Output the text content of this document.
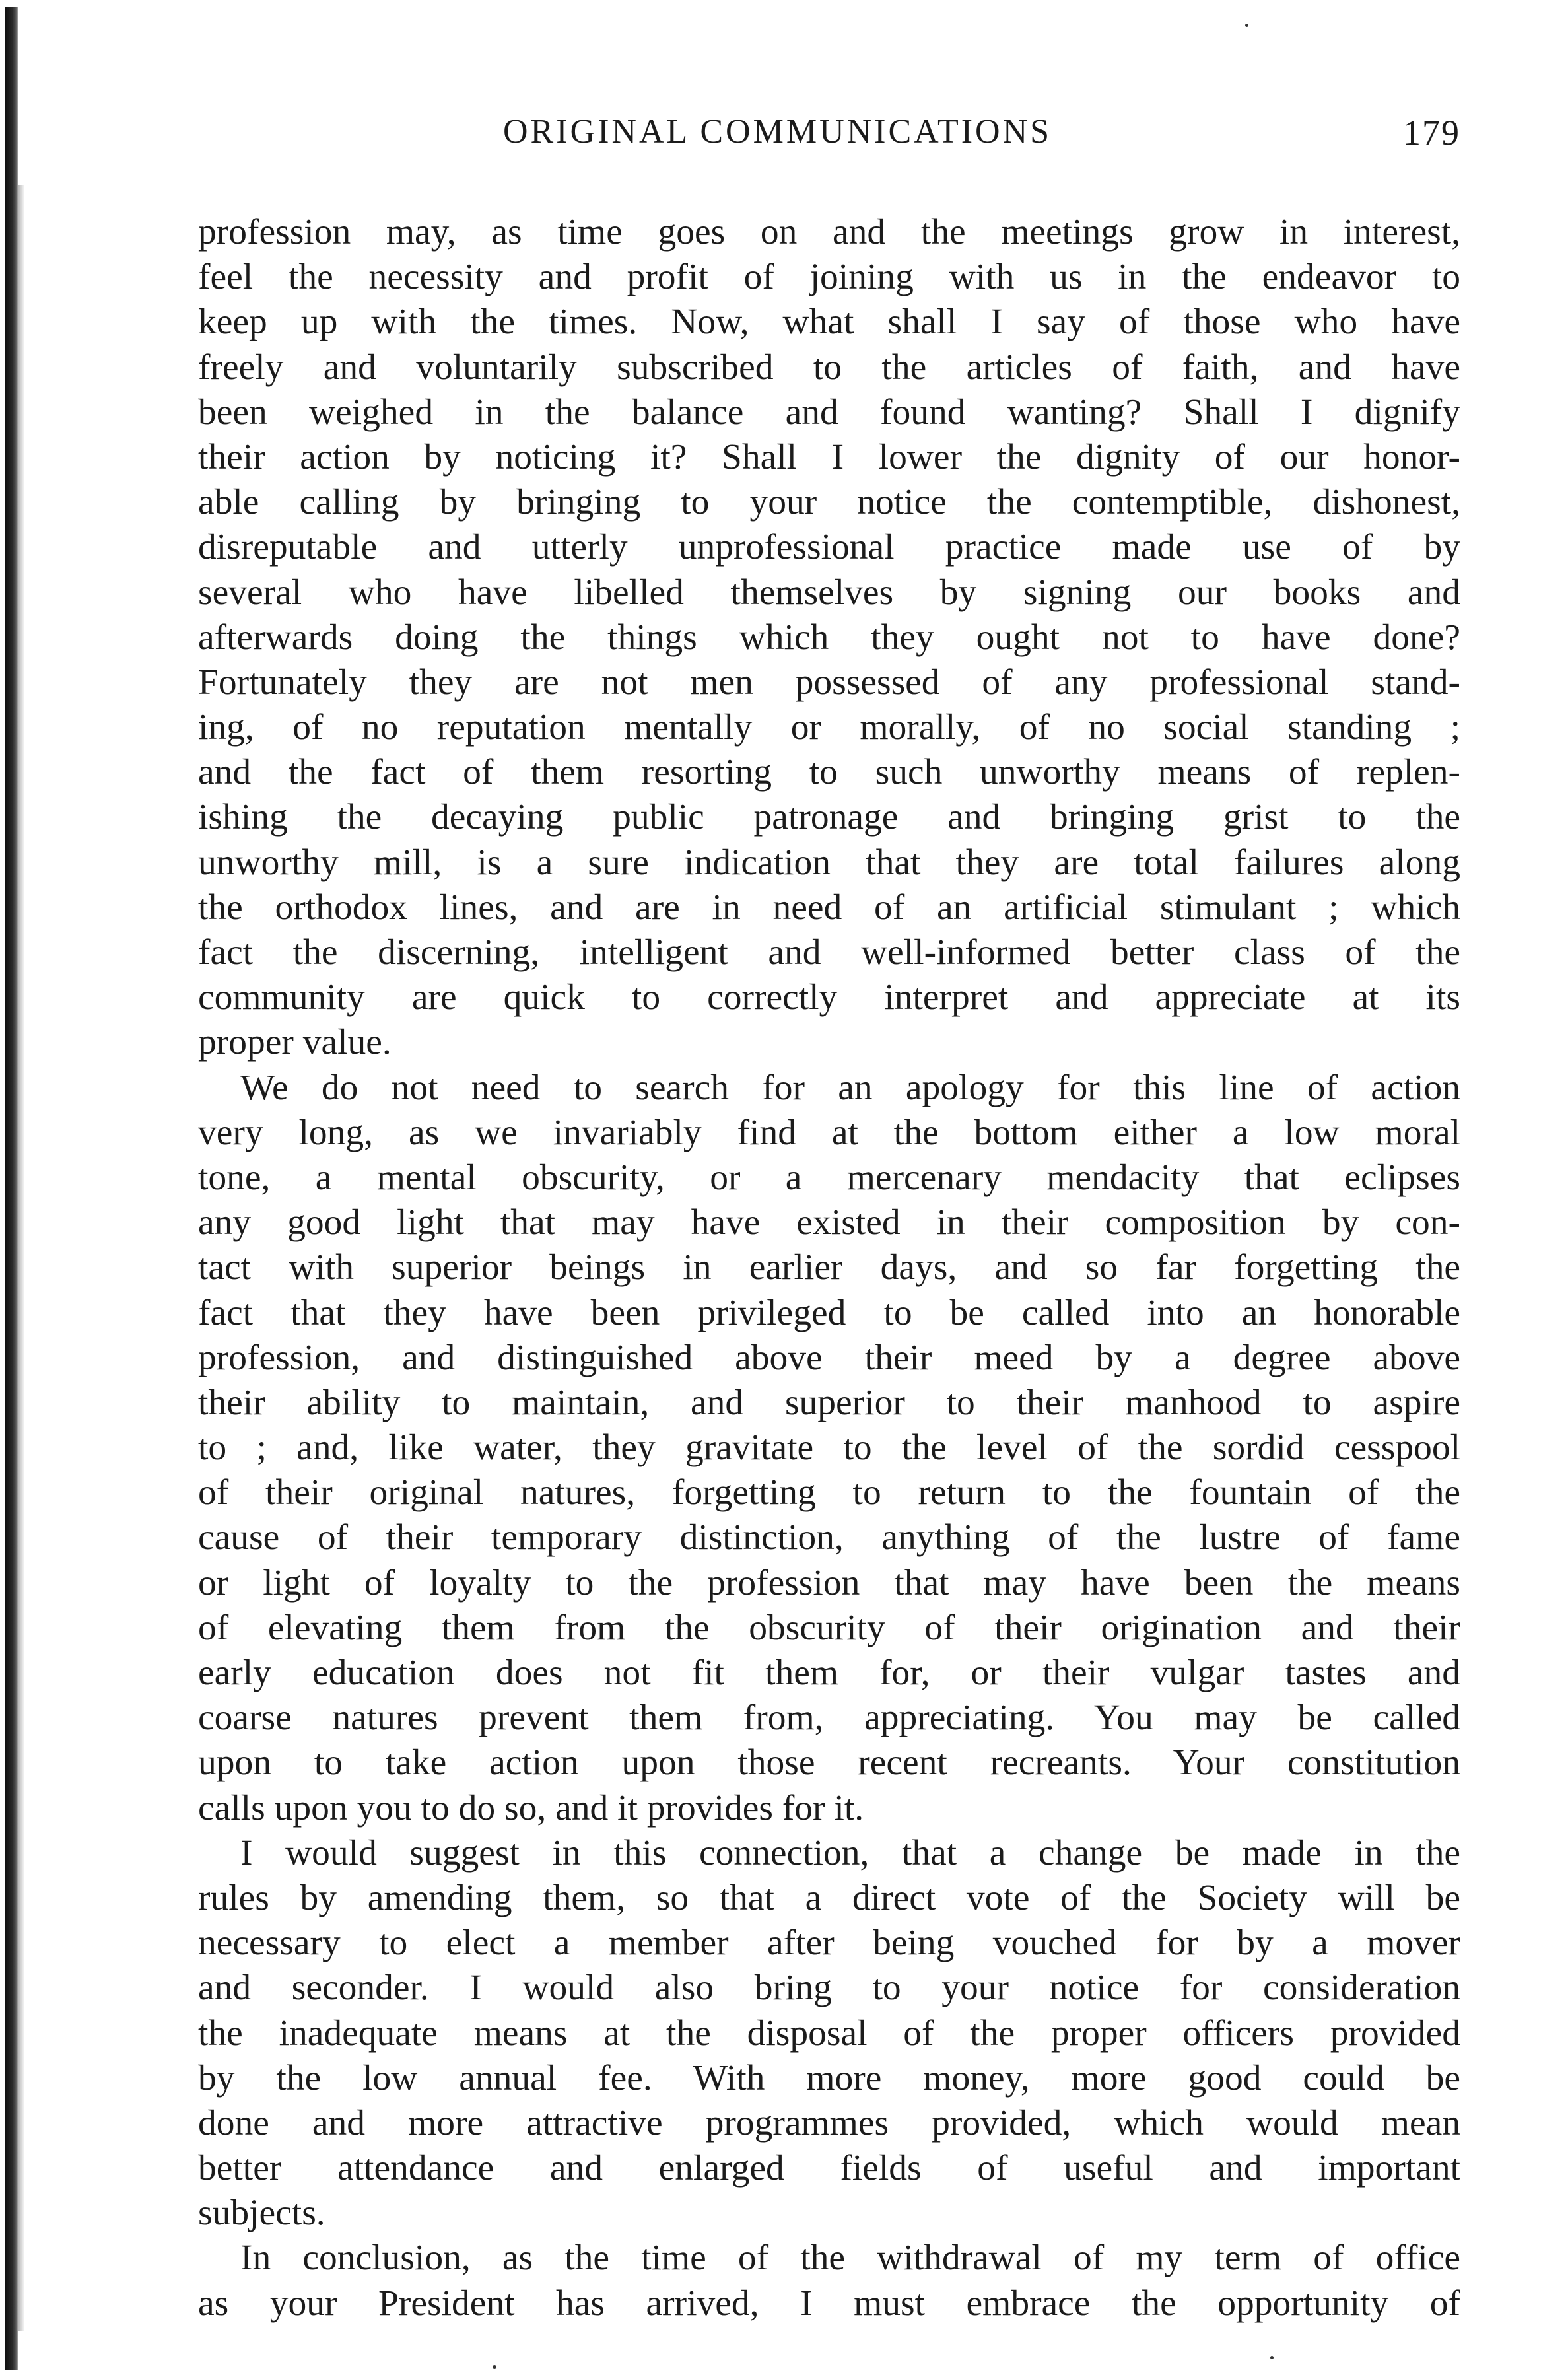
ORIGINAL COMMUNICATIONS	179
profession may, as time goes on and the meetings grow in interest,
feel the necessity and profit of joining with us in the endeavor to
keep up with the times. Now, what shall I say of those who have
freely and voluntarily subscribed to the articles of faith, and have
been weighed in the balance and found wanting? Shall I dignify
their action by noticing it? Shall I lower the dignity of our honor-
able calling by bringing to your notice the contemptible, dishonest,
disreputable and utterly unprofessional practice made use of by
several who have libelled themselves by signing our books and
afterwards doing the things which they ought not to have done?
Fortunately they are not men possessed of any professional stand-
ing, of no reputation mentally or morally, of no social standing ;
and the fact of them resorting to such unworthy means of replen-
ishing the decaying public patronage and bringing grist to the
unworthy mill, is a sure indication that they are total failures along
the orthodox lines, and are in need of an artificial stimulant ; which
fact the discerning, intelligent and well-informed better class of the
community are quick to correctly interpret and appreciate at its
proper value.
We do not need to search for an apology for this line of action
very long, as we invariably find at the bottom either a low moral
tone, a mental obscurity, or a mercenary mendacity that eclipses
any good light that may have existed in their composition by con-
tact with superior beings in earlier days, and so far forgetting the
fact that they have been privileged to be called into an honorable
profession, and distinguished above their meed by a degree above
their ability to maintain, and superior to their manhood to aspire
to ; and, like water, they gravitate to the level of the sordid cesspool
of their original natures, forgetting to return to the fountain of the
cause of their temporary distinction, anything of the lustre of fame
or light of loyalty to the profession that may have been the means
of elevating them from the obscurity of their origination and their
early education does not fit them for, or their vulgar tastes and
coarse natures prevent them from, appreciating. You may be called
upon to take action upon those recent recreants. Your constitution
calls upon you to do so, and it provides for it.
I would suggest in this connection, that a change be made in the
rules by amending them, so that a direct vote of the Society will be
necessary to elect a member after being vouched for by a mover
and seconder. I would also bring to your notice for consideration
the inadequate means at the disposal of the proper officers provided
by the low annual fee. With more money, more good could be
done and more attractive programmes provided, which would mean
better attendance and enlarged fields of useful and important
subjects.
In conclusion, as the time of the withdrawal of my term of office
as your President has arrived, I must embrace the opportunity of
